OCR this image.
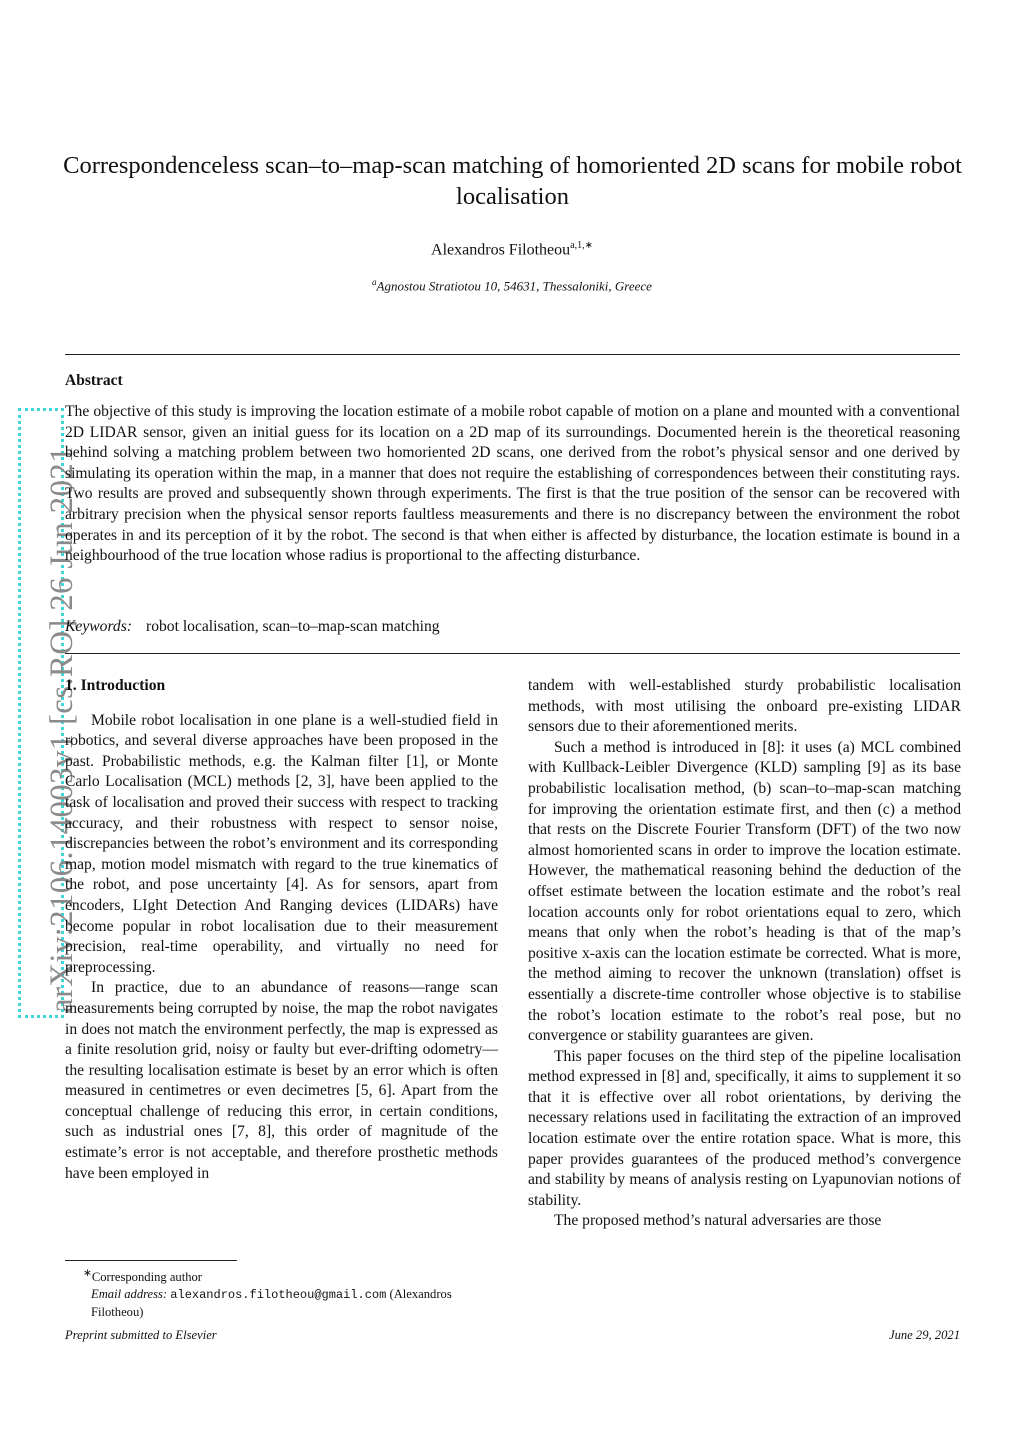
arXiv:2106.14003v1 [cs.RO] 26 Jun 2021
Correspondenceless scan–to–map-scan matching of homoriented 2D scans for mobile robot localisation
Alexandros Filotheou$^{a,1,∗}$
$^a$Agnostou Stratiotou 10, 54631, Thessaloniki, Greece
Abstract
The objective of this study is improving the location estimate of a mobile robot capable of motion on a plane and mounted with a conventional 2D LIDAR sensor, given an initial guess for its location on a 2D map of its surroundings. Documented herein is the theoretical reasoning behind solving a matching problem between two homoriented 2D scans, one derived from the robot’s physical sensor and one derived by simulating its operation within the map, in a manner that does not require the establishing of correspondences between their constituting rays. Two results are proved and subsequently shown through experiments. The first is that the true position of the sensor can be recovered with arbitrary precision when the physical sensor reports faultless measurements and there is no discrepancy between the environment the robot operates in and its perception of it by the robot. The second is that when either is affected by disturbance, the location estimate is bound in a neighbourhood of the true location whose radius is proportional to the affecting disturbance.
Keywords: robot localisation, scan–to–map-scan matching
1. Introduction

Mobile robot localisation in one plane is a well-studied field in robotics, and several diverse approaches have been proposed in the past. Probabilistic methods, e.g. the Kalman filter [1], or Monte Carlo Localisation (MCL) methods [2, 3], have been applied to the task of localisation and proved their success with respect to tracking accuracy, and their robustness with respect to sensor noise, discrepancies between the robot’s environment and its corresponding map, motion model mismatch with regard to the true kinematics of the robot, and pose uncertainty [4]. As for sensors, apart from encoders, LIght Detection And Ranging devices (LIDARs) have become popular in robot localisation due to their measurement precision, real-time operability, and virtually no need for preprocessing.

In practice, due to an abundance of reasons—range scan measurements being corrupted by noise, the map the robot navigates in does not match the environment perfectly, the map is expressed as a finite resolution grid, noisy or faulty but ever-drifting odometry—the resulting localisation estimate is beset by an error which is often measured in centimetres or even decimetres [5, 6]. Apart from the conceptual challenge of reducing this error, in certain conditions, such as industrial ones [7, 8], this order of magnitude of the estimate’s error is not acceptable, and therefore prosthetic methods have been employed in

tandem with well-established sturdy probabilistic localisation methods, with most utilising the onboard pre-existing LIDAR sensors due to their aforementioned merits.

Such a method is introduced in [8]: it uses (a) MCL combined with Kullback-Leibler Divergence (KLD) sampling [9] as its base probabilistic localisation method, (b) scan–to–map-scan matching for improving the orientation estimate first, and then (c) a method that rests on the Discrete Fourier Transform (DFT) of the two now almost homoriented scans in order to improve the location estimate. However, the mathematical reasoning behind the deduction of the offset estimate between the location estimate and the robot’s real location accounts only for robot orientations equal to zero, which means that only when the robot’s heading is that of the map’s positive x-axis can the location estimate be corrected. What is more, the method aiming to recover the unknown (translation) offset is essentially a discrete-time controller whose objective is to stabilise the robot’s location estimate to the robot’s real pose, but no convergence or stability guarantees are given.

This paper focuses on the third step of the pipeline localisation method expressed in [8] and, specifically, it aims to supplement it so that it is effective over all robot orientations, by deriving the necessary relations used in facilitating the extraction of an improved location estimate over the entire rotation space. What is more, this paper provides guarantees of the produced method’s convergence and stability by means of analysis resting on Lyapunovian notions of stability.

The proposed method’s natural adversaries are those

∗Corresponding author
Email address: alexandros.filotheou@gmail.com (Alexandros Filotheou)
Preprint submitted to Elsevier	June 29, 2021
